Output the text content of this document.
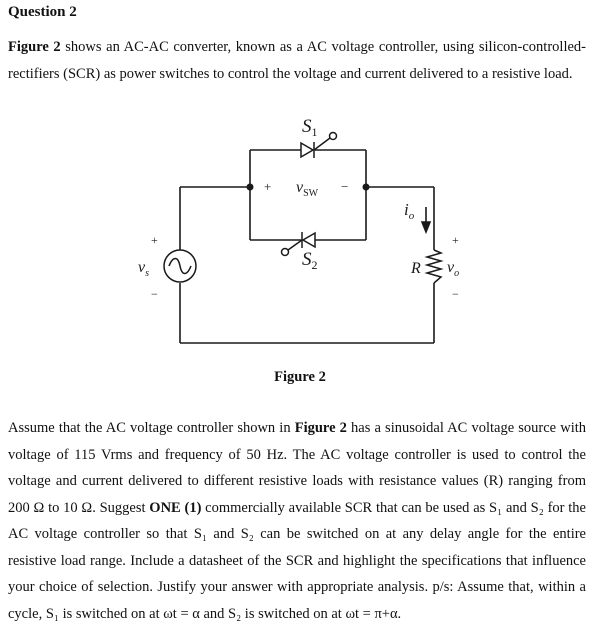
Question 2
Figure 2 shows an AC-AC converter, known as a AC voltage controller, using silicon-controlled-rectifiers (SCR) as power switches to control the voltage and current delivered to a resistive load.
$S_1$
$S_2$
+ $v_{SW}$ −
+
$v_s$
−
$i_o$
R
+
$v_o$
−
Figure 2
Assume that the AC voltage controller shown in Figure 2 has a sinusoidal AC voltage source with voltage of 115 Vrms and frequency of 50 Hz. The AC voltage controller is used to control the voltage and current delivered to different resistive loads with resistance values (R) ranging from 200 Ω to 10 Ω. Suggest ONE (1) commercially available SCR that can be used as S₁ and S₂ for the AC voltage controller so that S₁ and S₂ can be switched on at any delay angle for the entire resistive load range. Include a datasheet of the SCR and highlight the specifications that influence your choice of selection. Justify your answer with appropriate analysis. p/s: Assume that, within a cycle, S₁ is switched on at ωt = α and S₂ is switched on at ωt = π+α.
